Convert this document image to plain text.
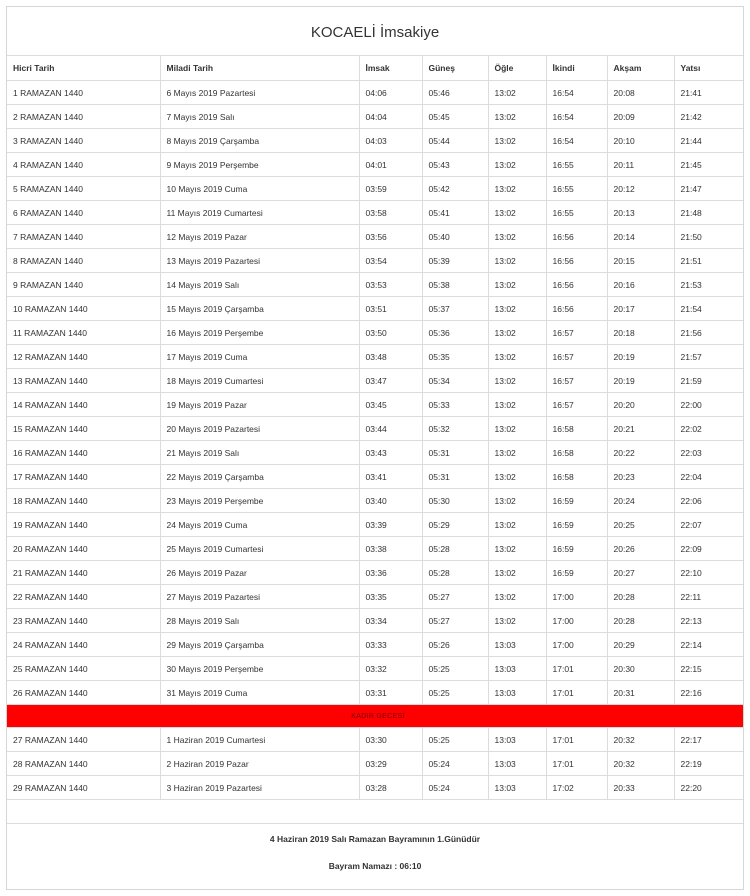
KOCAELİ İmsakiye
Hicri Tarih	Miladi Tarih	İmsak	Güneş	Öğle	İkindi	Akşam	Yatsı
1 RAMAZAN 1440	6 Mayıs 2019 Pazartesi	04:06	05:46	13:02	16:54	20:08	21:41
2 RAMAZAN 1440	7 Mayıs 2019 Salı	04:04	05:45	13:02	16:54	20:09	21:42
3 RAMAZAN 1440	8 Mayıs 2019 Çarşamba	04:03	05:44	13:02	16:54	20:10	21:44
4 RAMAZAN 1440	9 Mayıs 2019 Perşembe	04:01	05:43	13:02	16:55	20:11	21:45
5 RAMAZAN 1440	10 Mayıs 2019 Cuma	03:59	05:42	13:02	16:55	20:12	21:47
6 RAMAZAN 1440	11 Mayıs 2019 Cumartesi	03:58	05:41	13:02	16:55	20:13	21:48
7 RAMAZAN 1440	12 Mayıs 2019 Pazar	03:56	05:40	13:02	16:56	20:14	21:50
8 RAMAZAN 1440	13 Mayıs 2019 Pazartesi	03:54	05:39	13:02	16:56	20:15	21:51
9 RAMAZAN 1440	14 Mayıs 2019 Salı	03:53	05:38	13:02	16:56	20:16	21:53
10 RAMAZAN 1440	15 Mayıs 2019 Çarşamba	03:51	05:37	13:02	16:56	20:17	21:54
11 RAMAZAN 1440	16 Mayıs 2019 Perşembe	03:50	05:36	13:02	16:57	20:18	21:56
12 RAMAZAN 1440	17 Mayıs 2019 Cuma	03:48	05:35	13:02	16:57	20:19	21:57
13 RAMAZAN 1440	18 Mayıs 2019 Cumartesi	03:47	05:34	13:02	16:57	20:19	21:59
14 RAMAZAN 1440	19 Mayıs 2019 Pazar	03:45	05:33	13:02	16:57	20:20	22:00
15 RAMAZAN 1440	20 Mayıs 2019 Pazartesi	03:44	05:32	13:02	16:58	20:21	22:02
16 RAMAZAN 1440	21 Mayıs 2019 Salı	03:43	05:31	13:02	16:58	20:22	22:03
17 RAMAZAN 1440	22 Mayıs 2019 Çarşamba	03:41	05:31	13:02	16:58	20:23	22:04
18 RAMAZAN 1440	23 Mayıs 2019 Perşembe	03:40	05:30	13:02	16:59	20:24	22:06
19 RAMAZAN 1440	24 Mayıs 2019 Cuma	03:39	05:29	13:02	16:59	20:25	22:07
20 RAMAZAN 1440	25 Mayıs 2019 Cumartesi	03:38	05:28	13:02	16:59	20:26	22:09
21 RAMAZAN 1440	26 Mayıs 2019 Pazar	03:36	05:28	13:02	16:59	20:27	22:10
22 RAMAZAN 1440	27 Mayıs 2019 Pazartesi	03:35	05:27	13:02	17:00	20:28	22:11
23 RAMAZAN 1440	28 Mayıs 2019 Salı	03:34	05:27	13:02	17:00	20:28	22:13
24 RAMAZAN 1440	29 Mayıs 2019 Çarşamba	03:33	05:26	13:03	17:00	20:29	22:14
25 RAMAZAN 1440	30 Mayıs 2019 Perşembe	03:32	05:25	13:03	17:01	20:30	22:15
26 RAMAZAN 1440	31 Mayıs 2019 Cuma	03:31	05:25	13:03	17:01	20:31	22:16
KADIR GECESİ							
27 RAMAZAN 1440	1 Haziran 2019 Cumartesi	03:30	05:25	13:03	17:01	20:32	22:17
28 RAMAZAN 1440	2 Haziran 2019 Pazar	03:29	05:24	13:03	17:01	20:32	22:19
29 RAMAZAN 1440	3 Haziran 2019 Pazartesi	03:28	05:24	13:03	17:02	20:33	22:20
4 Haziran 2019 Salı Ramazan Bayramının 1.Günüdür
Bayram Namazı : 06:10
